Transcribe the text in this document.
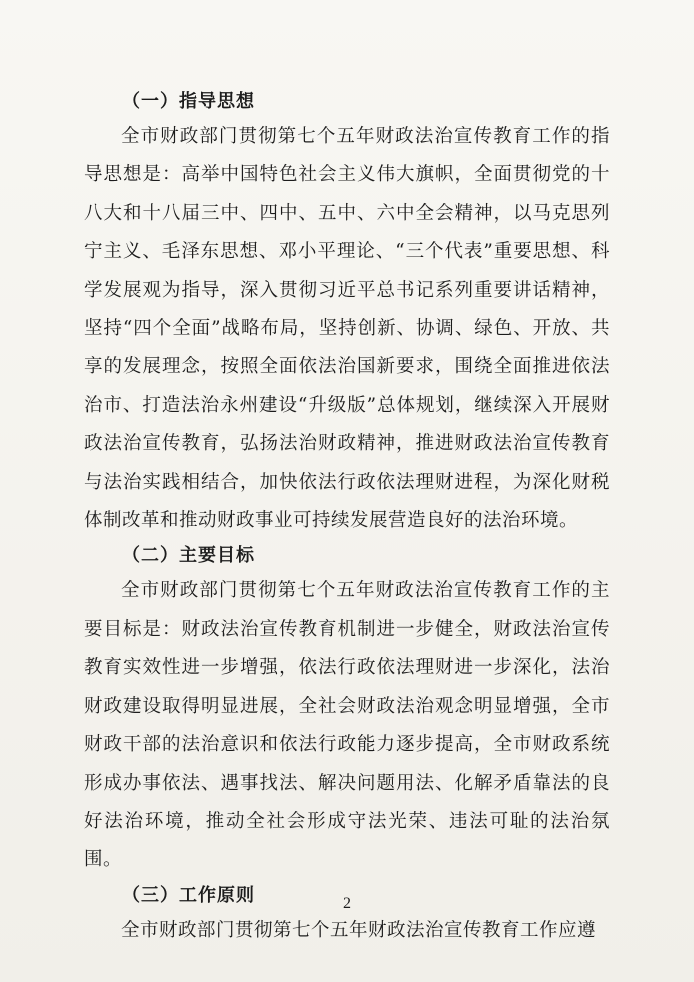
（一）指导思想

全市财政部门贯彻第七个五年财政法治宣传教育工作的指导思想是：高举中国特色社会主义伟大旗帜，全面贯彻党的十八大和十八届三中、四中、五中、六中全会精神，以马克思列宁主义、毛泽东思想、邓小平理论、“三个代表”重要思想、科学发展观为指导，深入贯彻习近平总书记系列重要讲话精神，坚持“四个全面”战略布局，坚持创新、协调、绿色、开放、共享的发展理念，按照全面依法治国新要求，围绕全面推进依法治市、打造法治永州建设“升级版”总体规划，继续深入开展财政法治宣传教育，弘扬法治财政精神，推进财政法治宣传教育与法治实践相结合，加快依法行政依法理财进程，为深化财税体制改革和推动财政事业可持续发展营造良好的法治环境。

（二）主要目标

全市财政部门贯彻第七个五年财政法治宣传教育工作的主要目标是：财政法治宣传教育机制进一步健全，财政法治宣传教育实效性进一步增强，依法行政依法理财进一步深化，法治财政建设取得明显进展，全社会财政法治观念明显增强，全市财政干部的法治意识和依法行政能力逐步提高，全市财政系统形成办事依法、遇事找法、解决问题用法、化解矛盾靠法的良好法治环境，推动全社会形成守法光荣、违法可耻的法治氛围。

（三）工作原则

全市财政部门贯彻第七个五年财政法治宣传教育工作应遵

2
